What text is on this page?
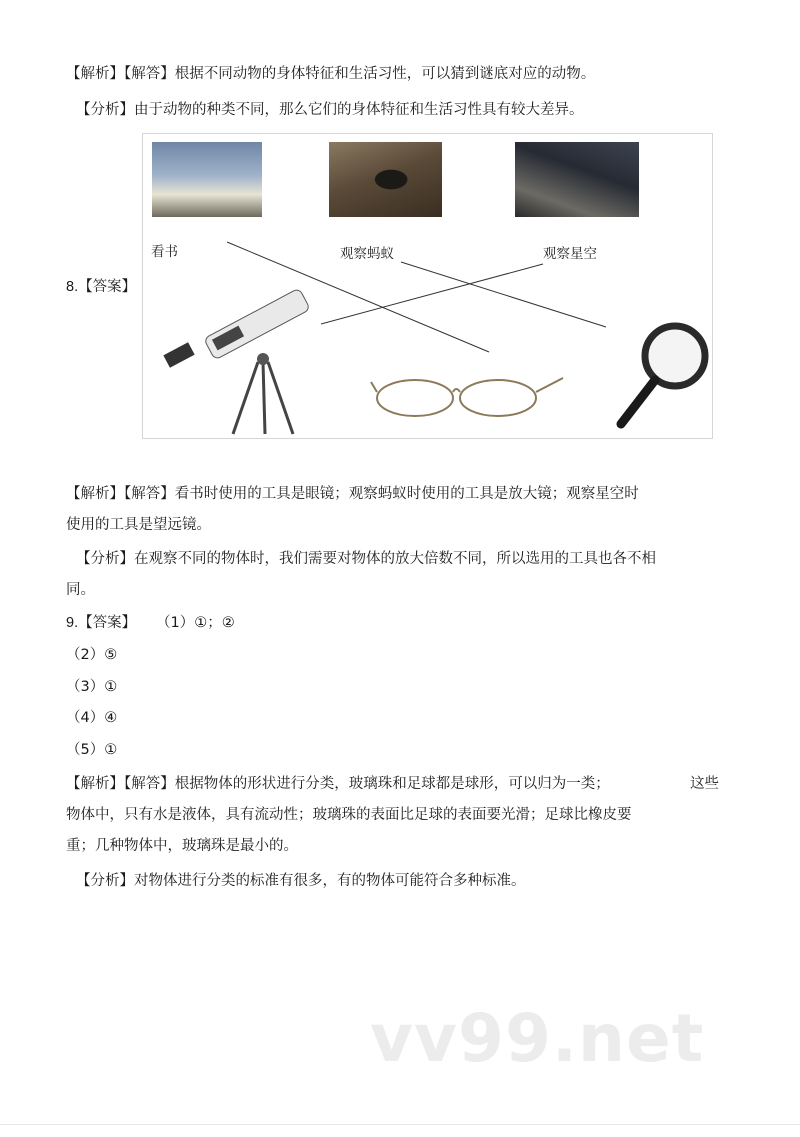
【解析】【解答】根据不同动物的身体特征和生活习性，可以猜到谜底对应的动物。
【分析】由于动物的种类不同，那么它们的身体特征和生活习性具有较大差异。
8.【答案】
看书	观察蚂蚁	观察星空
【解析】【解答】看书时使用的工具是眼镜；观察蚂蚁时使用的工具是放大镜；观察星空时
使用的工具是望远镜。
【分析】在观察不同的物体时，我们需要对物体的放大倍数不同，所以选用的工具也各不相
同。
9.【答案】 （1）①；②
（2）⑤
（3）①
（4）④
（5）①
【解析】【解答】根据物体的形状进行分类，玻璃珠和足球都是球形，可以归为一类；	这些
物体中，只有水是液体，具有流动性；玻璃珠的表面比足球的表面要光滑；足球比橡皮要
重；几种物体中，玻璃珠是最小的。
【分析】对物体进行分类的标准有很多，有的物体可能符合多种标准。
vv99.net
